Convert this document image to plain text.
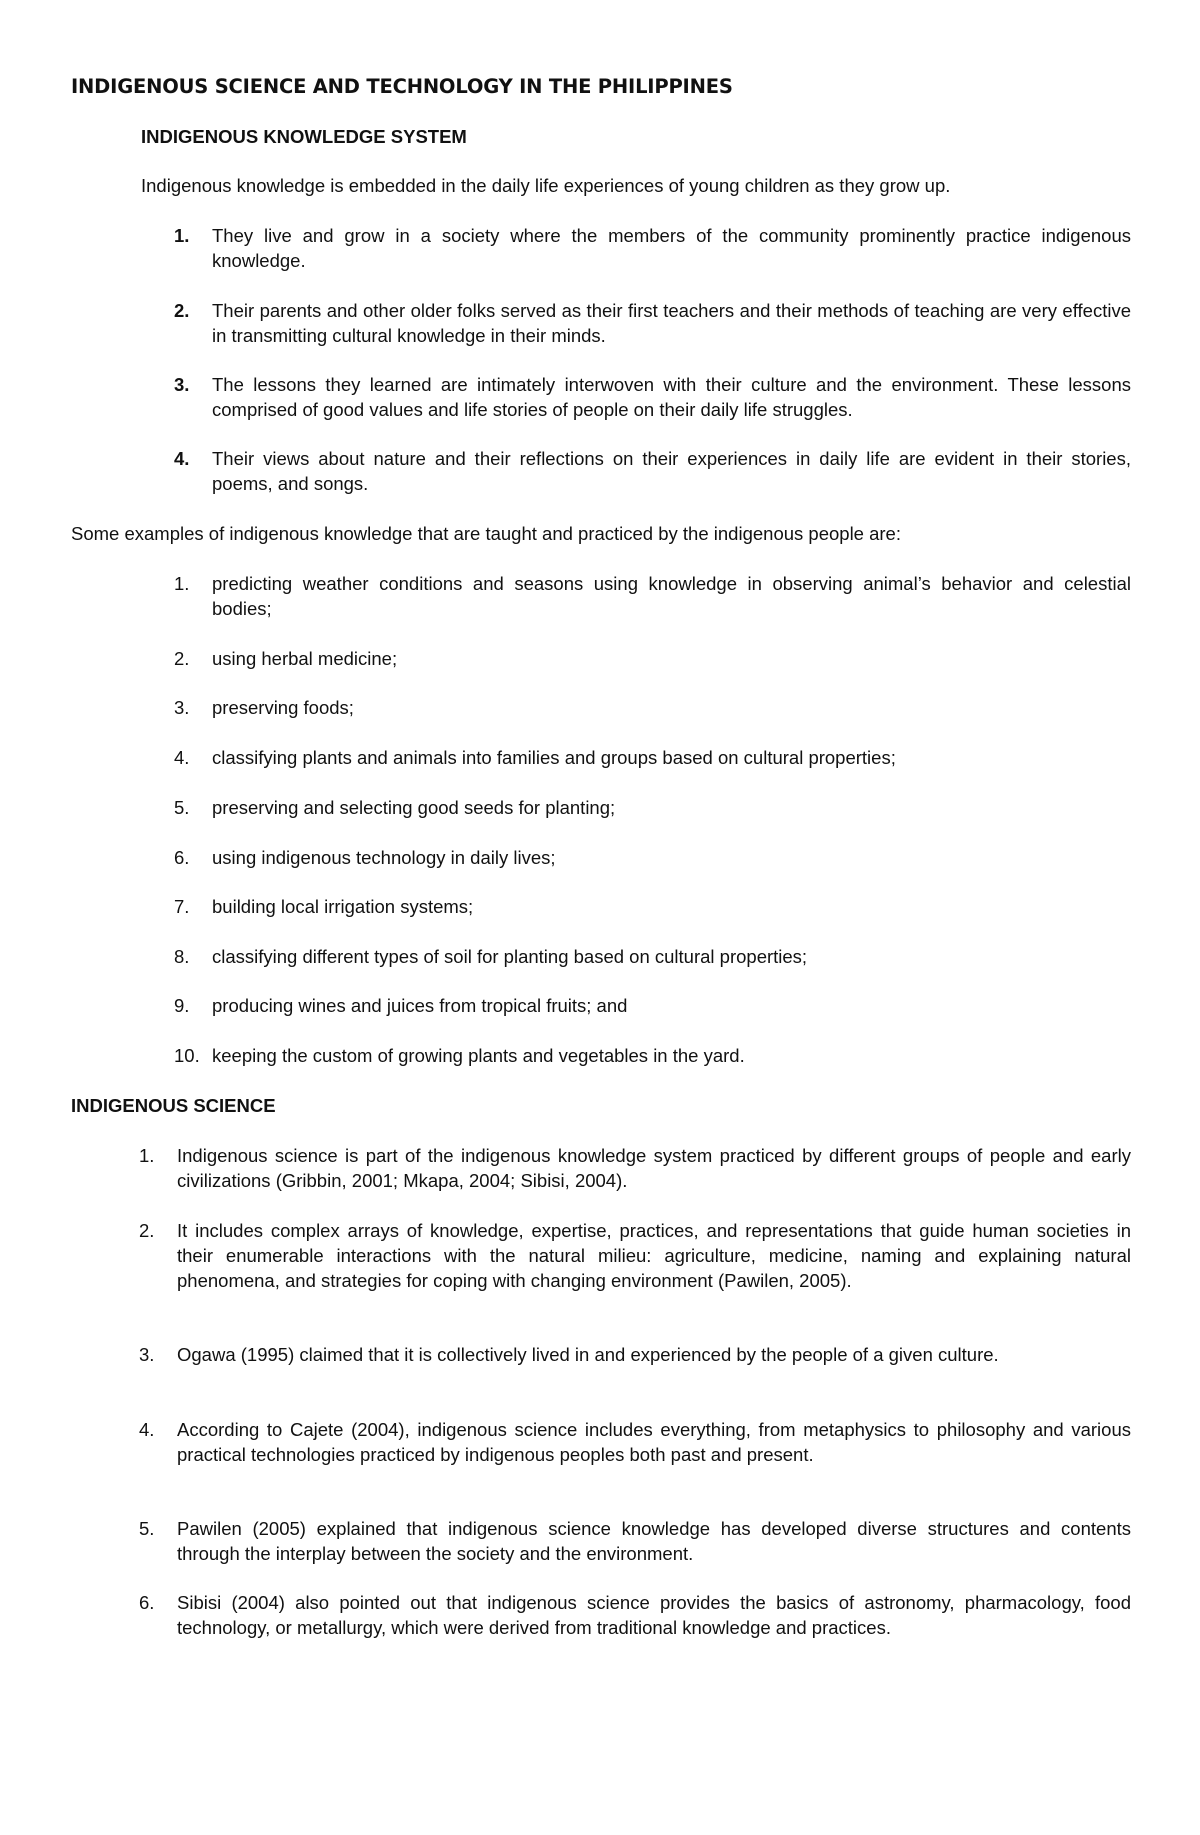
INDIGENOUS SCIENCE AND TECHNOLOGY IN THE PHILIPPINES
INDIGENOUS KNOWLEDGE SYSTEM

Indigenous knowledge is embedded in the daily life experiences of young children as they grow up.

1. They live and grow in a society where the members of the community prominently practice indigenous knowledge.
2. Their parents and other older folks served as their first teachers and their methods of teaching are very effective in transmitting cultural knowledge in their minds.
3. The lessons they learned are intimately interwoven with their culture and the environment. These lessons comprised of good values and life stories of people on their daily life struggles.
4. Their views about nature and their reflections on their experiences in daily life are evident in their stories, poems, and songs.

Some examples of indigenous knowledge that are taught and practiced by the indigenous people are:

1. predicting weather conditions and seasons using knowledge in observing animal’s behavior and celestial bodies;
2. using herbal medicine;
3. preserving foods;
4. classifying plants and animals into families and groups based on cultural properties;
5. preserving and selecting good seeds for planting;
6. using indigenous technology in daily lives;
7. building local irrigation systems;
8. classifying different types of soil for planting based on cultural properties;
9. producing wines and juices from tropical fruits; and
10. keeping the custom of growing plants and vegetables in the yard.
INDIGENOUS SCIENCE
1. Indigenous science is part of the indigenous knowledge system practiced by different groups of people and early civilizations (Gribbin, 2001; Mkapa, 2004; Sibisi, 2004).
2. It includes complex arrays of knowledge, expertise, practices, and representations that guide human societies in their enumerable interactions with the natural milieu: agriculture, medicine, naming and explaining natural phenomena, and strategies for coping with changing environment (Pawilen, 2005).
3. Ogawa (1995) claimed that it is collectively lived in and experienced by the people of a given culture.
4. According to Cajete (2004), indigenous science includes everything, from metaphysics to philosophy and various practical technologies practiced by indigenous peoples both past and present.
5. Pawilen (2005) explained that indigenous science knowledge has developed diverse structures and contents through the interplay between the society and the environment.
6. Sibisi (2004) also pointed out that indigenous science provides the basics of astronomy, pharmacology, food technology, or metallurgy, which were derived from traditional knowledge and practices.
